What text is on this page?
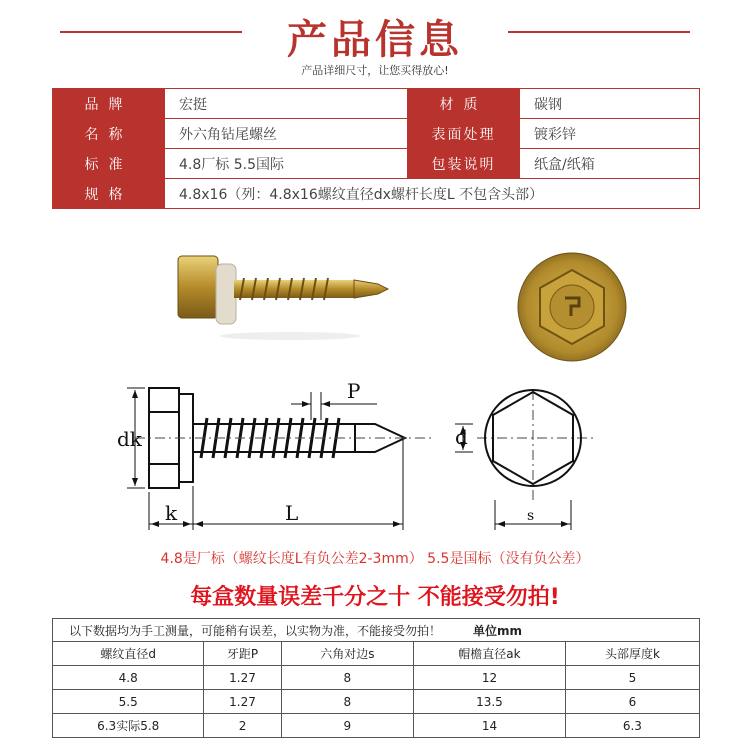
产品信息
产品详细尺寸，让您买得放心!
品牌	宏挺	材质	碳钢
名称	外六角钻尾螺丝	表面处理	镀彩锌
标准	4.8厂标 5.5国际	包装说明	纸盒/纸箱
规格	4.8x16（列：4.8x16螺纹直径dx螺杆长度L 不包含头部）		
dk
P
d
k	L	s
4.8是厂标（螺纹长度L有负公差2-3mm） 5.5是国标（没有负公差）
每盒数量误差千分之十 不能接受勿拍!
以下数据均为手工测量，可能稍有误差，以实物为准，不能接受勿拍！ 单位mm				
螺纹直径d	牙距P	六角对边s	帽檐直径ak	头部厚度k
4.8	1.27	8	12	5
5.5	1.27	8	13.5	6
6.3实际5.8	2	9	14	6.3
